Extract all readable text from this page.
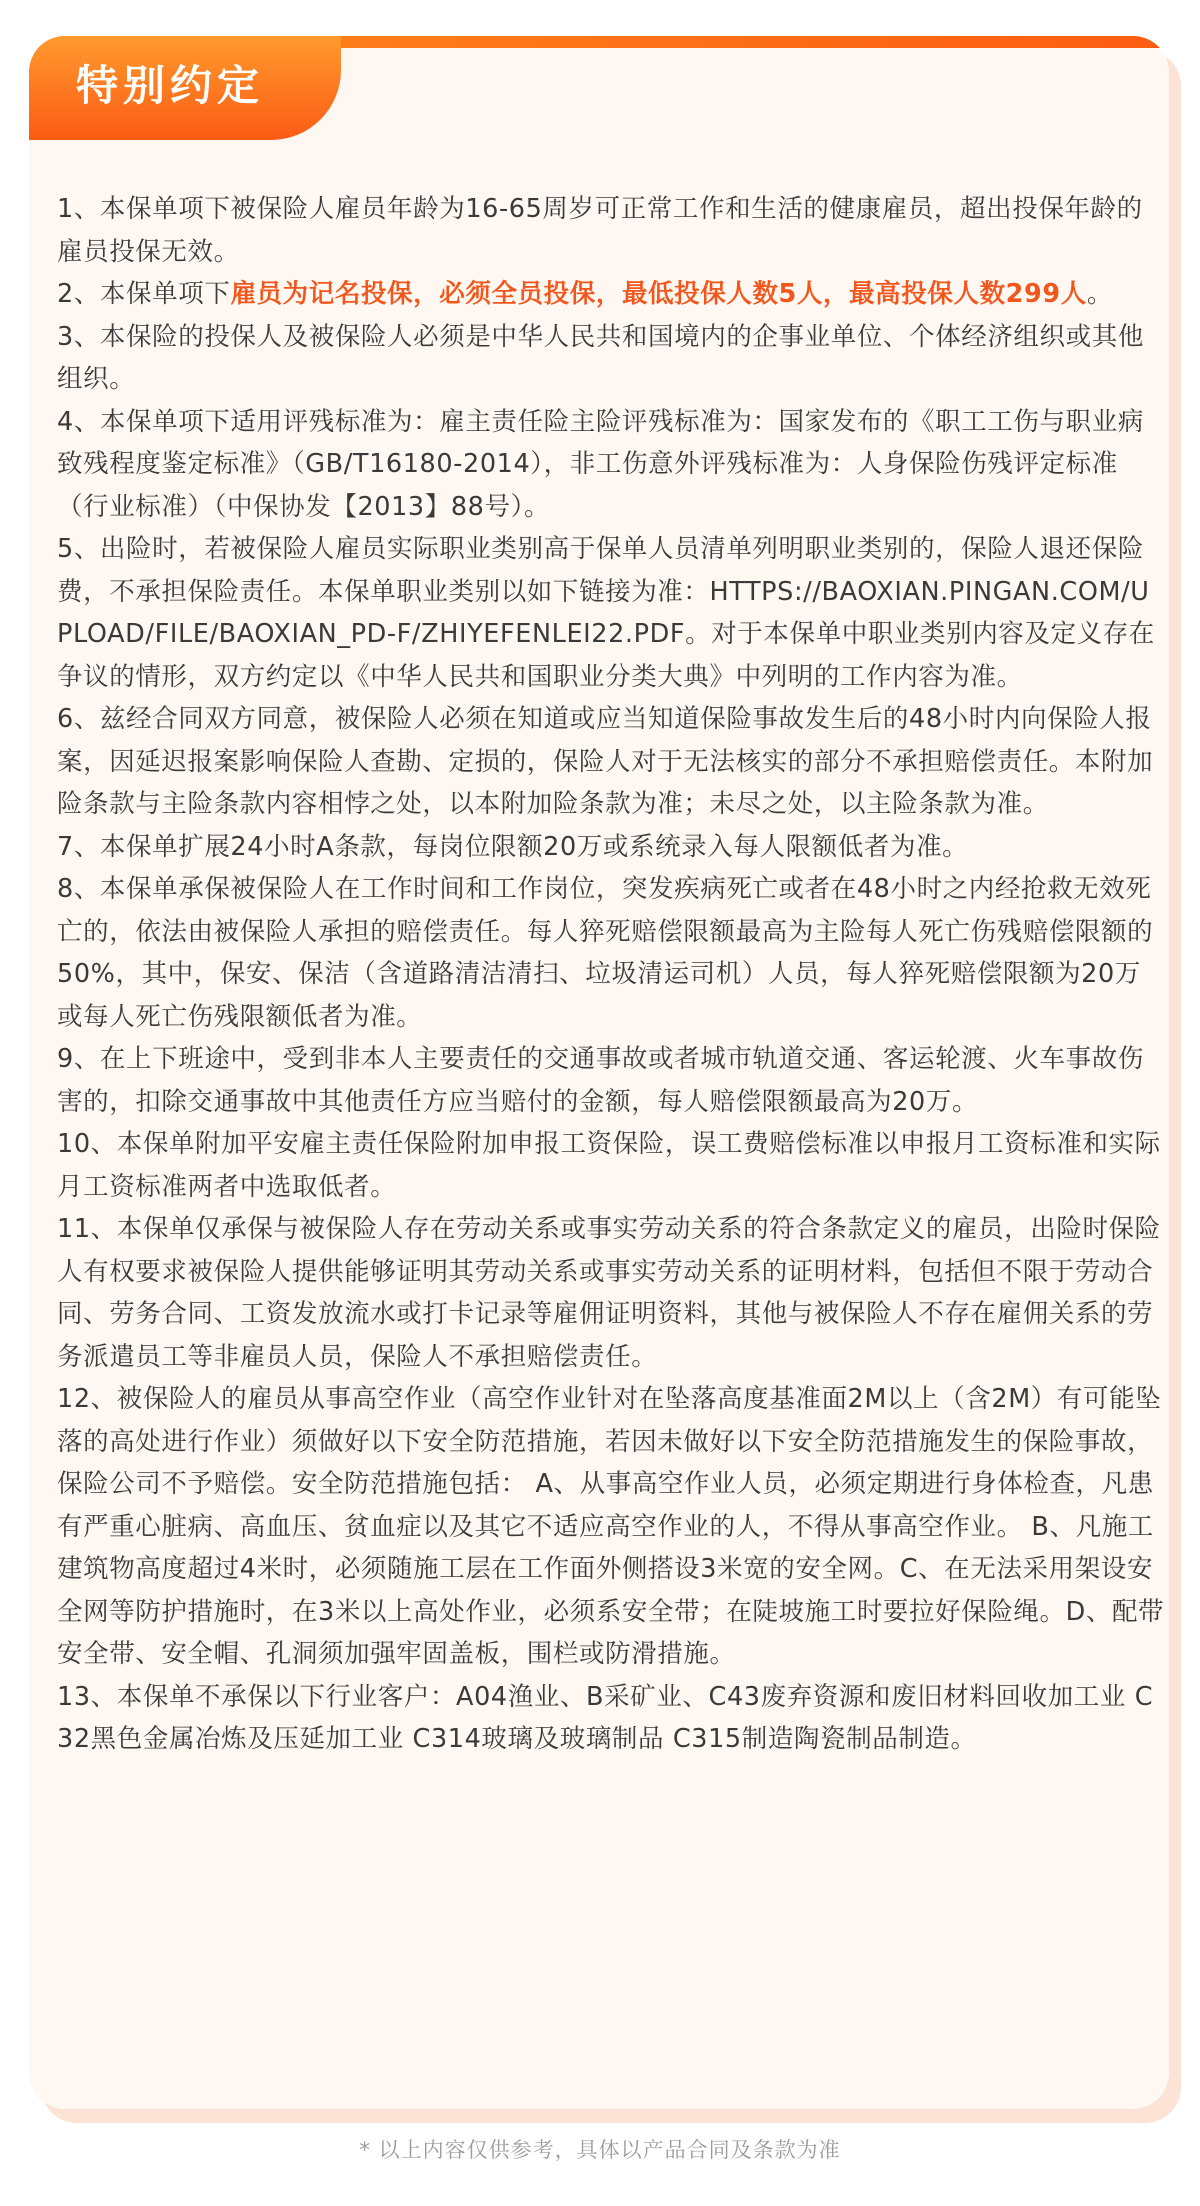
特别约定
1、本保单项下被保险人雇员年龄为16-65周岁可正常工作和生活的健康雇员，超出投保年龄的雇员投保无效。
2、本保单项下雇员为记名投保，必须全员投保，最低投保人数5人，最高投保人数299人。
3、本保险的投保人及被保险人必须是中华人民共和国境内的企事业单位、个体经济组织或其他组织。
4、本保单项下适用评残标准为：雇主责任险主险评残标准为：国家发布的《职工工伤与职业病致残程度鉴定标准》（GB/T16180-2014），非工伤意外评残标准为：人身保险伤残评定标准（行业标准）（中保协发【2013】88号）。
5、出险时，若被保险人雇员实际职业类别高于保单人员清单列明职业类别的，保险人退还保险费，不承担保险责任。本保单职业类别以如下链接为准：HTTPS://BAOXIAN.PINGAN.COM/UPLOAD/FILE/BAOXIAN_PD-F/ZHIYEFENLEI22.PDF。对于本保单中职业类别内容及定义存在争议的情形，双方约定以《中华人民共和国职业分类大典》中列明的工作内容为准。
6、兹经合同双方同意，被保险人必须在知道或应当知道保险事故发生后的48小时内向保险人报案，因延迟报案影响保险人查勘、定损的，保险人对于无法核实的部分不承担赔偿责任。本附加险条款与主险条款内容相悖之处，以本附加险条款为准；未尽之处，以主险条款为准。
7、本保单扩展24小时A条款，每岗位限额20万或系统录入每人限额低者为准。
8、本保单承保被保险人在工作时间和工作岗位，突发疾病死亡或者在48小时之内经抢救无效死亡的，依法由被保险人承担的赔偿责任。每人猝死赔偿限额最高为主险每人死亡伤残赔偿限额的50%，其中，保安、保洁（含道路清洁清扫、垃圾清运司机）人员，每人猝死赔偿限额为20万或每人死亡伤残限额低者为准。
9、在上下班途中，受到非本人主要责任的交通事故或者城市轨道交通、客运轮渡、火车事故伤害的，扣除交通事故中其他责任方应当赔付的金额，每人赔偿限额最高为20万。
10、本保单附加平安雇主责任保险附加申报工资保险，误工费赔偿标准以申报月工资标准和实际月工资标准两者中选取低者。
11、本保单仅承保与被保险人存在劳动关系或事实劳动关系的符合条款定义的雇员，出险时保险人有权要求被保险人提供能够证明其劳动关系或事实劳动关系的证明材料，包括但不限于劳动合同、劳务合同、工资发放流水或打卡记录等雇佣证明资料，其他与被保险人不存在雇佣关系的劳务派遣员工等非雇员人员，保险人不承担赔偿责任。
12、被保险人的雇员从事高空作业（高空作业针对在坠落高度基准面2M以上（含2M）有可能坠落的高处进行作业）须做好以下安全防范措施，若因未做好以下安全防范措施发生的保险事故，保险公司不予赔偿。安全防范措施包括： A、从事高空作业人员，必须定期进行身体检查，凡患有严重心脏病、高血压、贫血症以及其它不适应高空作业的人，不得从事高空作业。 B、凡施工建筑物高度超过4米时，必须随施工层在工作面外侧搭设3米宽的安全网。C、在无法采用架设安全网等防护措施时，在3米以上高处作业，必须系安全带；在陡坡施工时要拉好保险绳。D、配带安全带、安全帽、孔洞须加强牢固盖板，围栏或防滑措施。
13、本保单不承保以下行业客户：A04渔业、B采矿业、C43废弃资源和废旧材料回收加工业 C32黑色金属冶炼及压延加工业 C314玻璃及玻璃制品 C315制造陶瓷制品制造。
* 以上内容仅供参考，具体以产品合同及条款为准
